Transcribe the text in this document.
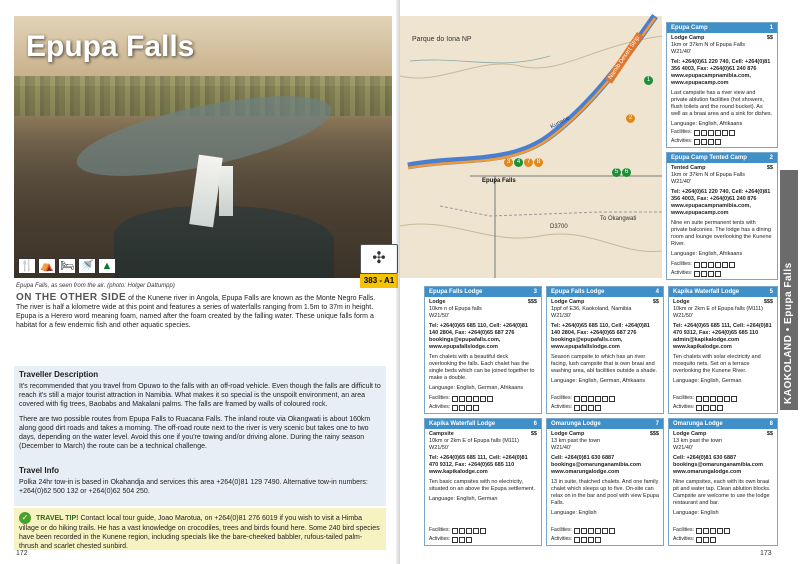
Epupa Falls
🍴 ⛺ 🛏 🚿 ▲	✣
383 - A1
Epupa Falls, as seen from the air. (photo: Holger Dattumpp)
ON THE OTHER SIDE of the Kunene river in Angola, Epupa Falls are known as the Monte Negro Falls. The river is half a kilometre wide at this point and features a series of waterfalls ranging from 1.5m to 37m in height. Epupa is a Herero word meaning foam, named after the foam created by the falling water. These unique falls form a habitat for a few endemic fish and other aquatic species.
Traveller Description

It's recommended that you travel from Opuwo to the falls with an off-road vehicle. Even though the falls are difficult to reach it's still a major tourist attraction in Namibia. What makes it so special is the unspoilt environment, an area covered with fig trees, Baobabs and Makalani palms. The falls are framed by walls of coloured rock.

There are two possible routes from Epupa Falls to Ruacana Falls. The inland route via Okangwati is about 160km along good dirt roads and takes a morning. The off-road route next to the river is very scenic but takes one to two days, depending on the water level. Avoid this one if you're towing and/or driving alone. During the rainy season (December to March) the route can be a technical challenge.

Travel Info

Polka 24hr tow-in is based in Okahandja and services this area +264(0)81 129 7490. Alternative tow-in numbers: +264(0)62 500 132 or +264(0)62 504 250.

✓ TRAVEL TIP! Contact local tour guide, Joao Marotua, on +264(0)81 276 6019 if you wish to visit a Himba village or do hiking trails. He has a vast knowledge on crocodiles, trees and birds found here. Some 240 bird species have been recorded in the Kunene region, including specials like the bare-cheeked babbler, rufous-tailed palm-thrush and scarlet chested sunbird.

172
Parque do Iona NP
Kunene
Epupa Falls
Namib Desert Strip
D3700
To Okangwati
1
2
3	4
5	6
7	8
Epupa Camp	1
Lodge Camp	$$
1km or 37km N of Epupa Falls
W21/40'
Tel: +264(0)61 220 740, Cell: +264(0)81 356 4003, Fax: +264(0)61 240 876 www.epupacampnamibia.com, www.epupacamp.com
Last campsite has a river view and private ablution facilities (hot showers, flush toilets and the round bucket). As well as a braai area and a sink for dishes.
Language: English, Afrikaans
Facilities:
Activities:
Epupa Camp Tented Camp	2
Tented Camp	$$
1km or 37km N of Epupa Falls
W21/40'
Tel: +264(0)61 220 740, Cell: +264(0)81 356 4003, Fax: +264(0)61 240 876 www.epupacampnamibia.com, www.epupacamp.com
Nine en suite permanent tents with private balconies. The lodge has a dining room and lounge overlooking the Kunene River.
Language: English, Afrikaans
Facilities:
Activities:
Epupa Falls Lodge	3
Lodge	$$$
10km n of Epupa falls
W21/50'
Tel: +264(0)65 685 110, Cell: +264(0)81 140 2804, Fax: +264(0)65 687 276 bookings@epupafalls.com, www.epupafallslodge.com
Ten chalets with a beautiful deck overlooking the falls. Each chalet has the single beds which can be joined together to make a double.
Language: English, German, Afrikaans
Facilities:
Activities:
Epupa Falls Lodge	4
Lodge Camp	$$
1ppf of E36, Kaokoland, Namibia
W21/30'
Tel: +264(0)65 685 110, Cell: +264(0)81 140 2804, Fax: +264(0)65 687 276 bookings@epupafalls.com, www.epupafallslodge.com
Season campsite to which has an river facing, lush campsite that is own braai and washing area, abl facilities outside a shade.
Language: English, German, Afrikaans
Facilities:
Activities:
Kapika Waterfall Lodge	5
Lodge	$$$
10km or 2km E of Epupa falls (M111)
W21/50'
Tel: +264(0)65 685 111, Cell: +264(0)81 470 9312, Fax: +264(0)65 685 110 admin@kapikalodge.com www.kapikalodge.com
Ten chalets with solar electricity and mosquito nets. Set on a terrace overlooking the Kunene River.
Language: English, German
Facilities:
Activities:
Kapika Waterfall Lodge	6
Campsite	$$
10km or 2km E of Epupa falls (M111)
W21/50'
Tel: +264(0)65 685 111, Cell: +264(0)81 470 9312, Fax: +264(0)65 685 110 www.kapikalodge.com
Ten basic campsites with no electricity, situated on an above the Epupa settlement.
Language: English, German
Facilities:
Activities:
Omarunga Lodge	7
Lodge Camp	$$$
13 km past the town
W21/40'
Cell: +264(0)81 630 6887 bookings@omarunganamibia.com www.omarungalodge.com
13 in suite, thatched chalets. And one family chalet which sleeps up to five. On-site can relax on in the bar and pool with view Epupa Falls.
Language: English
Facilities:
Activities:
Omarunga Lodge	8
Lodge Camp	$$
13 km past the town
W21/40'
Cell: +264(0)81 630 6887 bookings@omarunganamibia.com www.omarungalodge.com
Nine campsites, each with its own braai pit and water tap. Clean ablution blocks. Campsite are welcome to use the lodge restaurant and bar.
Language: English
Facilities:
Activities:
173
KAOKOLAND • Epupa Falls
